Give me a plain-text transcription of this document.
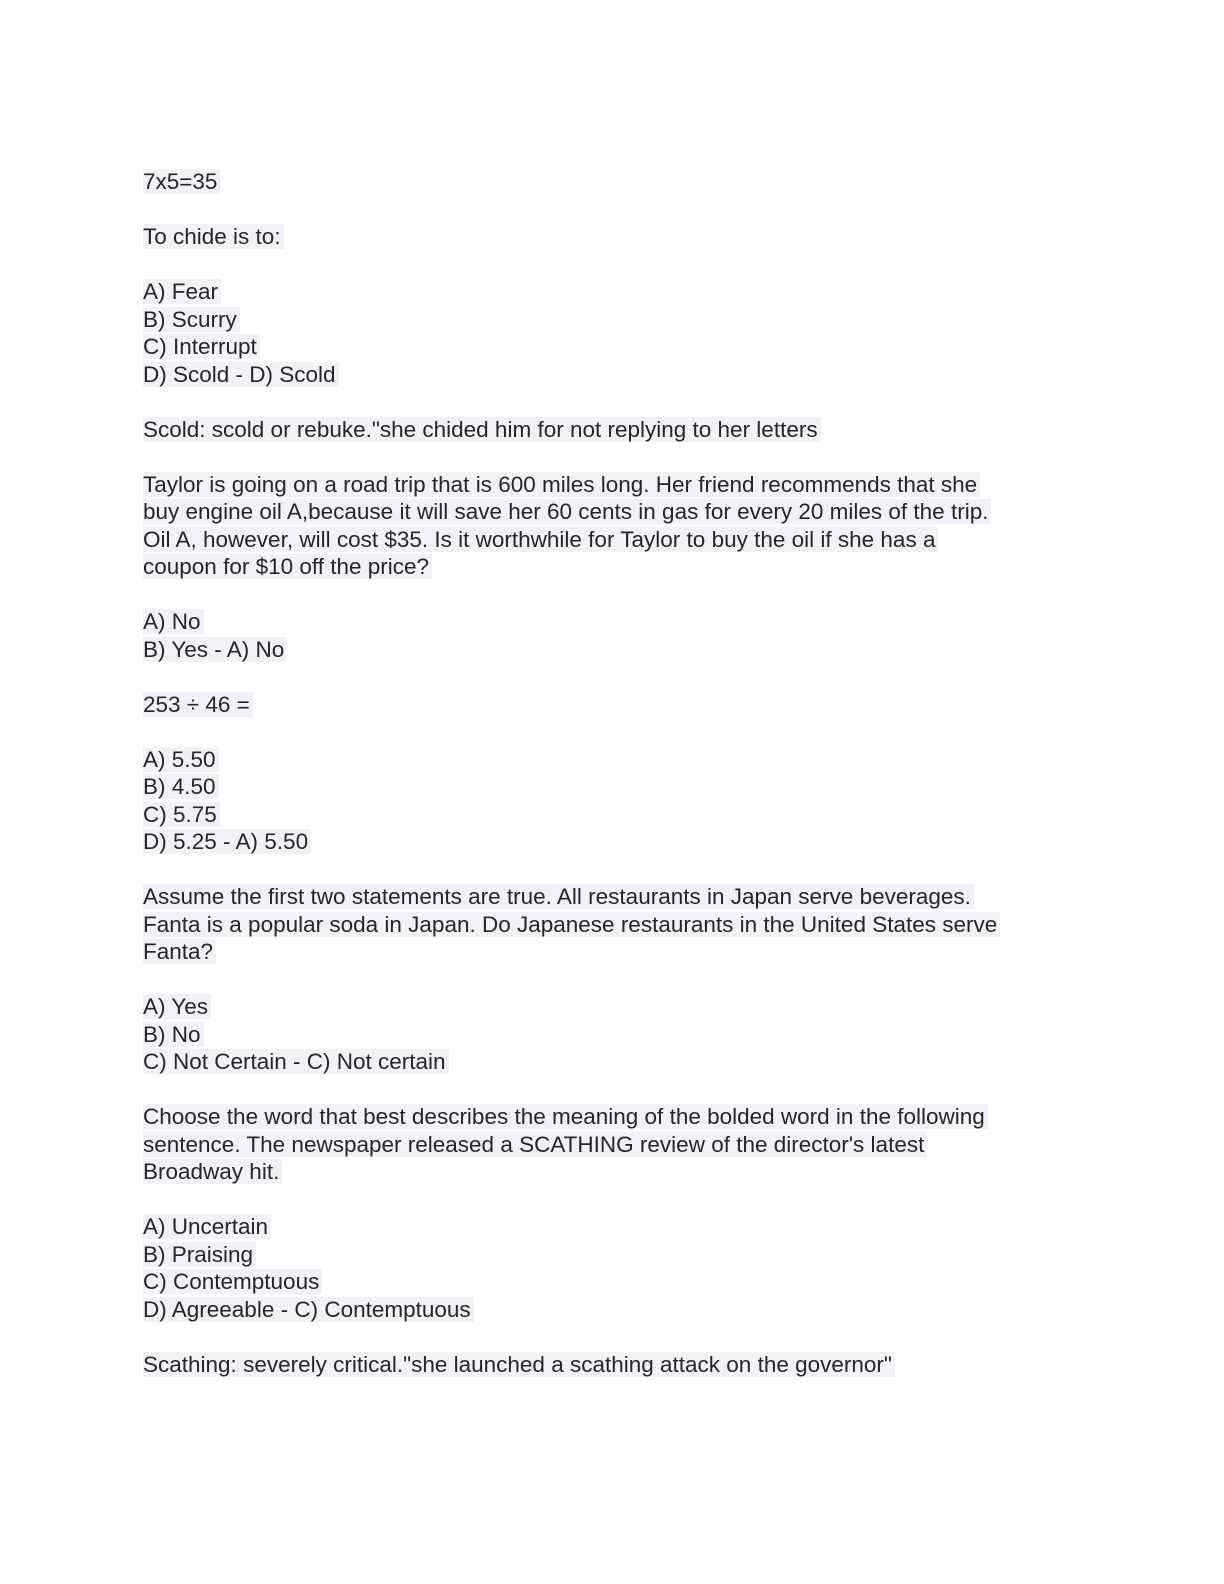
7x5=35
To chide is to:
A) Fear
B) Scurry
C) Interrupt
D) Scold - D) Scold
Scold: scold or rebuke."she chided him for not replying to her letters
Taylor is going on a road trip that is 600 miles long. Her friend recommends that she
buy engine oil A,because it will save her 60 cents in gas for every 20 miles of the trip.
Oil A, however, will cost $35. Is it worthwhile for Taylor to buy the oil if she has a
coupon for $10 off the price?
A) No
B) Yes - A) No
253 ÷ 46 =
A) 5.50
B) 4.50
C) 5.75
D) 5.25 - A) 5.50
Assume the first two statements are true. All restaurants in Japan serve beverages.
Fanta is a popular soda in Japan. Do Japanese restaurants in the United States serve
Fanta?
A) Yes
B) No
C) Not Certain - C) Not certain
Choose the word that best describes the meaning of the bolded word in the following
sentence. The newspaper released a SCATHING review of the director's latest
Broadway hit.
A) Uncertain
B) Praising
C) Contemptuous
D) Agreeable - C) Contemptuous
Scathing: severely critical."she launched a scathing attack on the governor"
